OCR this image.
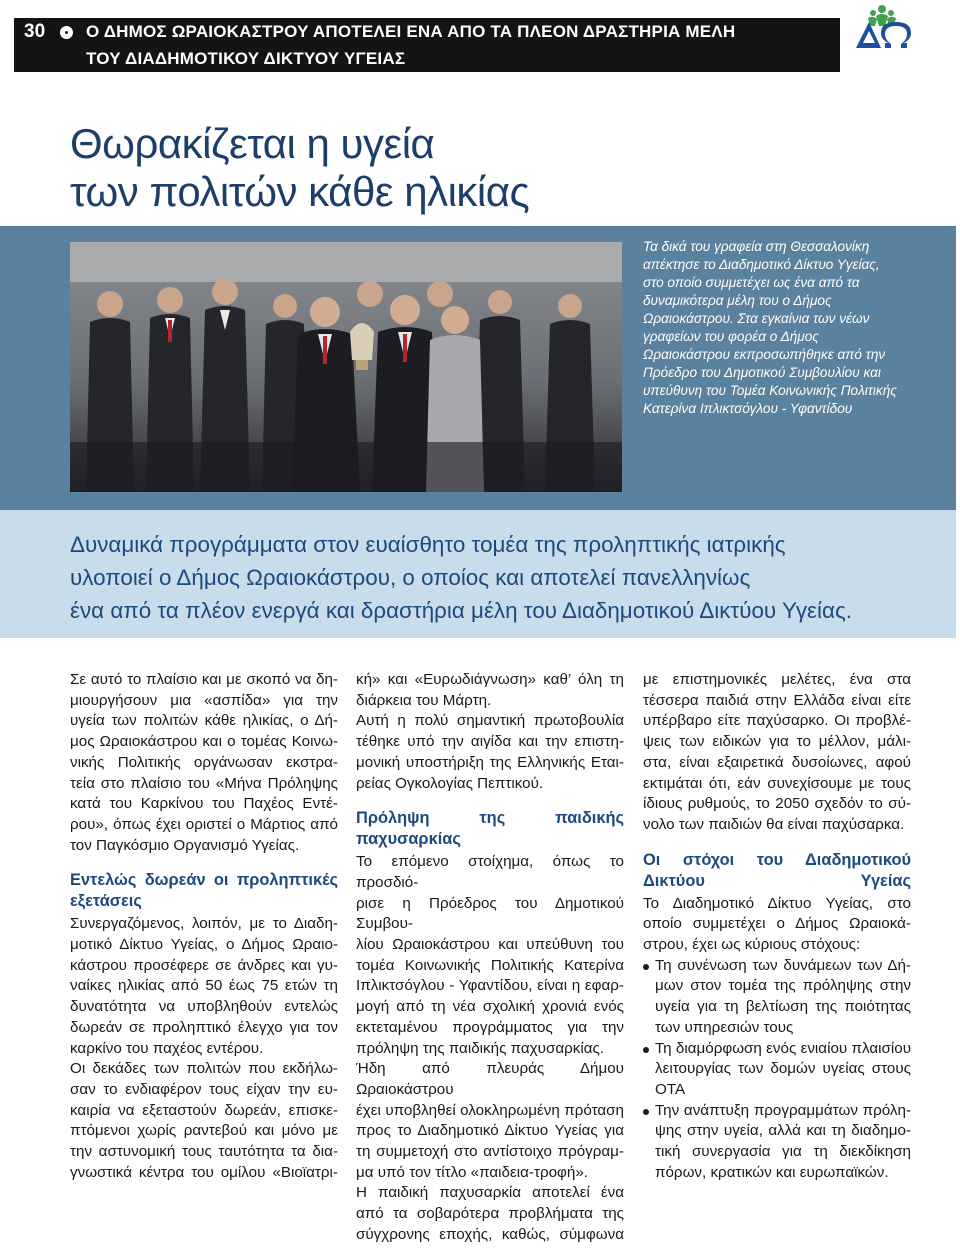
30 Ο ΔΗΜΟΣ ΩΡΑΙΟΚΑΣΤΡΟΥ ΑΠΟΤΕΛΕΙ ΕΝΑ ΑΠΟ ΤΑ ΠΛΕΟΝ ΔΡΑΣΤΗΡΙΑ ΜΕΛΗ
ΤΟΥ ΔΙΑΔΗΜΟΤΙΚΟΥ ΔΙΚΤΥΟΥ ΥΓΕΙΑΣ
Θωρακίζεται η υγεία
των πολιτών κάθε ηλικίας
Τα δικά του γραφεία στη Θεσσαλονίκη
απέκτησε το Διαδημοτικό Δίκτυο Υγείας,
στο οποίο συμμετέχει ως ένα από τα
δυναμικότερα μέλη του ο Δήμος
Ωραιοκάστρου. Στα εγκαίνια των νέων
γραφείων του φορέα ο Δήμος
Ωραιοκάστρου εκπροσωπήθηκε από την
Πρόεδρο του Δημοτικού Συμβουλίου και
υπεύθυνη του Τομέα Κοινωνικής Πολιτικής
Κατερίνα Ιπλικτσόγλου - Υφαντίδου
Δυναμικά προγράμματα στον ευαίσθητο τομέα της προληπτικής ιατρικής
υλοποιεί ο Δήμος Ωραιοκάστρου, ο οποίος και αποτελεί πανελληνίως
ένα από τα πλέον ενεργά και δραστήρια μέλη του Διαδημοτικού Δικτύου Υγείας.

Σε αυτό το πλαίσιο και με σκοπό να δη-
μιουργήσουν μια «ασπίδα» για την
υγεία των πολιτών κάθε ηλικίας, ο Δή-
μος Ωραιοκάστρου και ο τομέας Κοινω-
νικής Πολιτικής οργάνωσαν εκστρα-
τεία στο πλαίσιο του «Μήνα Πρόληψης
κατά του Καρκίνου του Παχέος Εντέ-
ρου», όπως έχει οριστεί ο Μάρτιος από
τον Παγκόσμιο Οργανισμό Υγείας.

Εντελώς δωρεάν οι προληπτικές
εξετάσεις

Συνεργαζόμενος, λοιπόν, με το Διαδη-
μοτικό Δίκτυο Υγείας, ο Δήμος Ωραιο-
κάστρου προσέφερε σε άνδρες και γυ-
ναίκες ηλικίας από 50 έως 75 ετών τη
δυνατότητα να υποβληθούν εντελώς
δωρεάν σε προληπτικό έλεγχο για τον
καρκίνο του παχέος εντέρου.

Οι δεκάδες των πολιτών που εκδήλω-
σαν το ενδιαφέρον τους είχαν την ευ-
καιρία να εξεταστούν δωρεάν, επισκε-
πτόμενοι χωρίς ραντεβού και μόνο με
την αστυνομική τους ταυτότητα τα δια-
γνωστικά κέντρα του ομίλου «Βιοϊατρι-

κή» και «Ευρωδιάγνωση» καθ’ όλη τη
διάρκεια του Μάρτη.

Αυτή η πολύ σημαντική πρωτοβουλία
τέθηκε υπό την αιγίδα και την επιστη-
μονική υποστήριξη της Ελληνικής Εται-
ρείας Ογκολογίας Πεπτικού.

Πρόληψη της παιδικής
παχυσαρκίας

Το επόμενο στοίχημα, όπως το προσδιό-
ρισε η Πρόεδρος του Δημοτικού Συμβου-
λίου Ωραιοκάστρου και υπεύθυνη του
τομέα Κοινωνικής Πολιτικής Κατερίνα
Ιπλικτσόγλου - Υφαντίδου, είναι η εφαρ-
μογή από τη νέα σχολική χρονιά ενός
εκτεταμένου προγράμματος για την
πρόληψη της παιδικής παχυσαρκίας.

Ήδη από πλευράς Δήμου Ωραιοκάστρου
έχει υποβληθεί ολοκληρωμένη πρόταση
προς το Διαδημοτικό Δίκτυο Υγείας για
τη συμμετοχή στο αντίστοιχο πρόγραμ-
μα υπό τον τίτλο «παιδεια-τροφή».

Η παιδική παχυσαρκία αποτελεί ένα
από τα σοβαρότερα προβλήματα της
σύγχρονης εποχής, καθώς, σύμφωνα

με επιστημονικές μελέτες, ένα στα
τέσσερα παιδιά στην Ελλάδα είναι είτε
υπέρβαρο είτε παχύσαρκο. Οι προβλέ-
ψεις των ειδικών για το μέλλον, μάλι-
στα, είναι εξαιρετικά δυσοίωνες, αφού
εκτιμάται ότι, εάν συνεχίσουμε με τους
ίδιους ρυθμούς, το 2050 σχεδόν το σύ-
νολο των παιδιών θα είναι παχύσαρκα.

Οι στόχοι του Διαδημοτικού
Δικτύου Υγείας

Το Διαδημοτικό Δίκτυο Υγείας, στο
οποίο συμμετέχει ο Δήμος Ωραιοκά-
στρου, έχει ως κύριους στόχους:

Τη συνένωση των δυνάμεων των Δή-
μων στον τομέα της πρόληψης στην
υγεία για τη βελτίωση της ποιότητας
των υπηρεσιών τους
Τη διαμόρφωση ενός ενιαίου πλαισίου
λειτουργίας των δομών υγείας στους
ΟΤΑ
Την ανάπτυξη προγραμμάτων πρόλη-
ψης στην υγεία, αλλά και τη διαδημο-
τική συνεργασία για τη διεκδίκηση
πόρων, κρατικών και ευρωπαϊκών.
